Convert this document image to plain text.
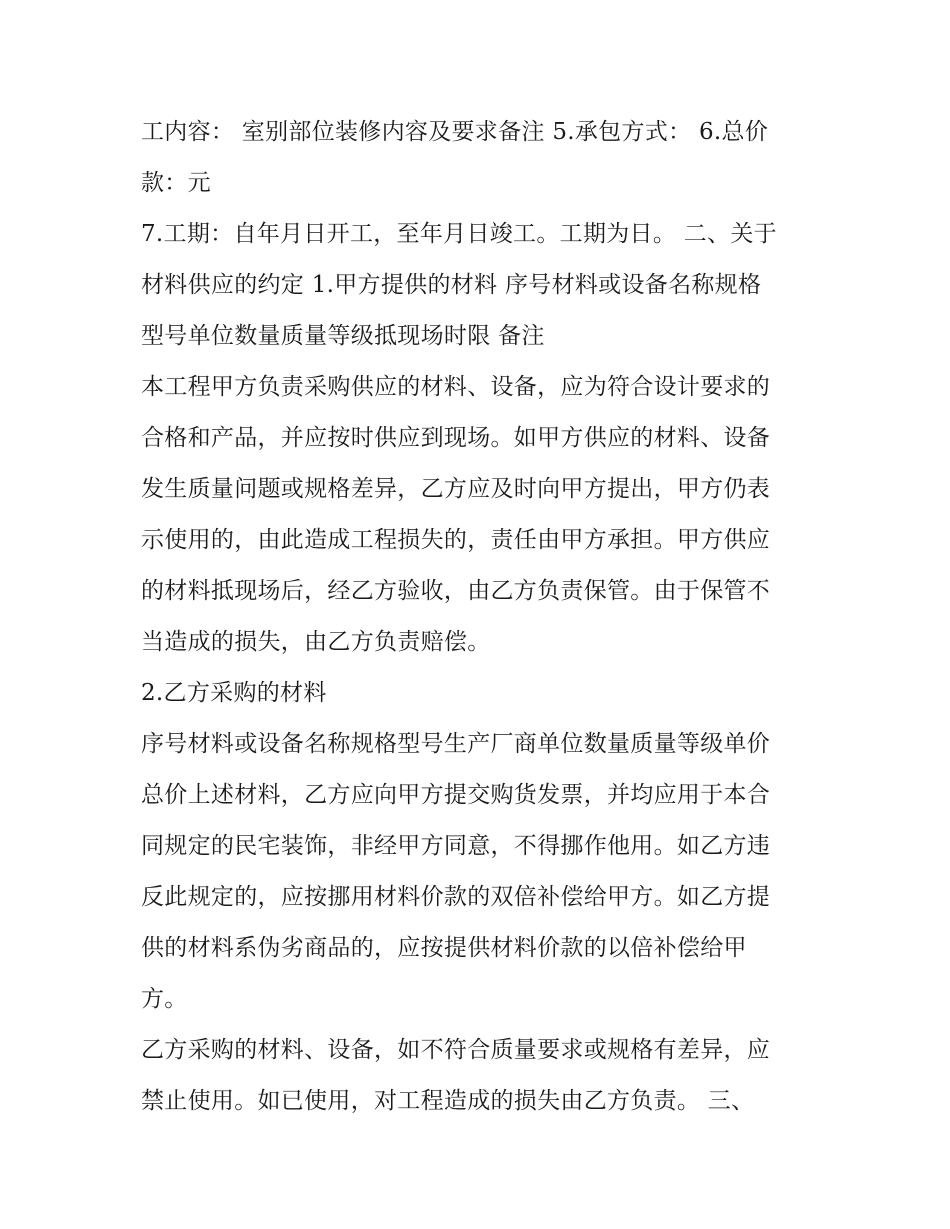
工内容： 室别部位装修内容及要求备注 5.承包方式： 6.总价
款：元
7.工期：自年月日开工，至年月日竣工。工期为日。 二、关于
材料供应的约定 1.甲方提供的材料 序号材料或设备名称规格
型号单位数量质量等级抵现场时限 备注
本工程甲方负责采购供应的材料、设备，应为符合设计要求的
合格和产品，并应按时供应到现场。如甲方供应的材料、设备
发生质量问题或规格差异，乙方应及时向甲方提出，甲方仍表
示使用的，由此造成工程损失的，责任由甲方承担。甲方供应
的材料抵现场后，经乙方验收，由乙方负责保管。由于保管不
当造成的损失，由乙方负责赔偿。
2.乙方采购的材料
序号材料或设备名称规格型号生产厂商单位数量质量等级单价
总价上述材料，乙方应向甲方提交购货发票，并均应用于本合
同规定的民宅装饰，非经甲方同意，不得挪作他用。如乙方违
反此规定的，应按挪用材料价款的双倍补偿给甲方。如乙方提
供的材料系伪劣商品的，应按提供材料价款的以倍补偿给甲
方。
乙方采购的材料、设备，如不符合质量要求或规格有差异，应
禁止使用。如已使用，对工程造成的损失由乙方负责。 三、
